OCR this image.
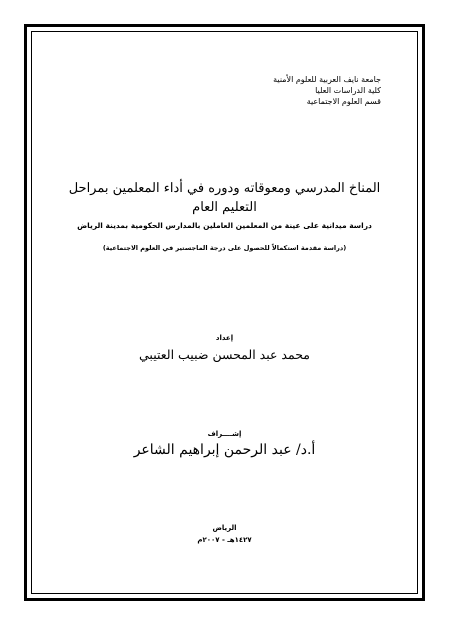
جامعة نايف العربية للعلوم الأمنية
كلية الدراسات العليا
قسم العلوم الاجتماعية
المناخ المدرسي ومعوقاته ودوره في أداء المعلمين بمراحل التعليم العام
دراسة ميدانية على عينة من المعلمين العاملين بالمدارس الحكومية بمدينة الرياض
(دراسة مقدمة استكمالاً للحصول على درجة الماجستير في العلوم الاجتماعية)
إعداد
محمد عبد المحسن ضبيب العتيبي
إشــــراف
أ.د/ عبد الرحمن إبراهيم الشاعر
الرياض
١٤٢٧هـ - ٢٠٠٧م
